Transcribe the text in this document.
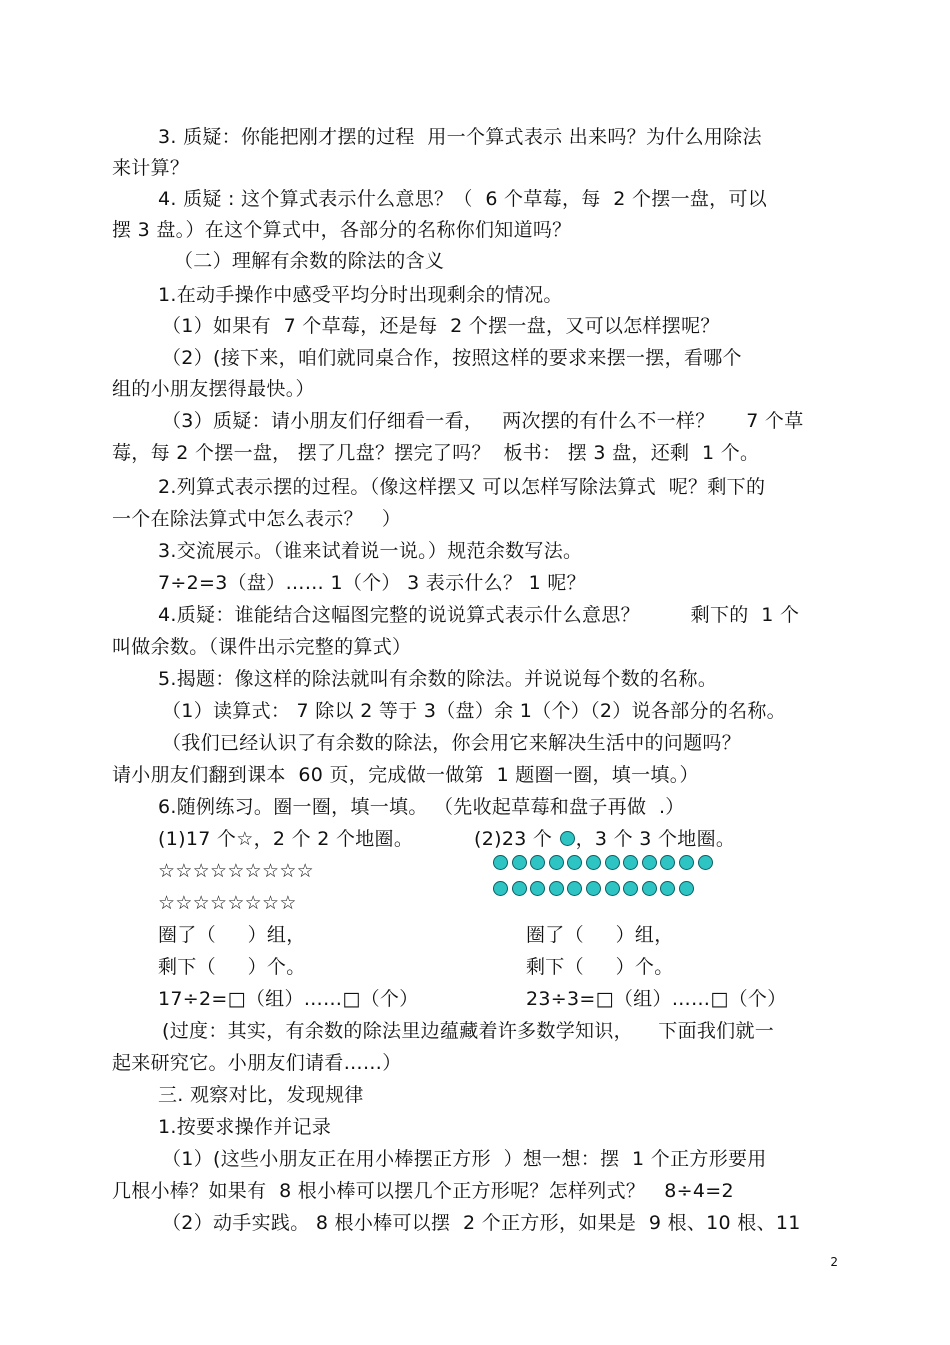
3. 质疑：你能把刚才摆的过程  用一个算式表示 出来吗？为什么用除法
来计算？
4. 质疑 : 这个算式表示什么意思？（  6 个草莓，每  2 个摆一盘，可以
摆 3 盘。）在这个算式中，各部分的名称你们知道吗？
（二）理解有余数的除法的含义
1.在动手操作中感受平均分时出现剩余的情况。
（1）如果有  7 个草莓，还是每  2 个摆一盘，又可以怎样摆呢？
（2）(接下来，咱们就同桌合作，按照这样的要求来摆一摆，看哪个
组的小朋友摆得最快。）
（3）质疑：请小朋友们仔细看一看，   两次摆的有什么不一样？     7 个草
莓，每 2 个摆一盘， 摆了几盘？摆完了吗？  板书： 摆 3 盘，还剩  1 个。
2.列算式表示摆的过程。（像这样摆又 可以怎样写除法算式  呢？剩下的
一个在除法算式中怎么表示？   ）
3.交流展示。（谁来试着说一说。）规范余数写法。
7÷2=3（盘）…… 1（个） 3 表示什么？ 1 呢？
4.质疑：谁能结合这幅图完整的说说算式表示什么意思？        剩下的  1 个
叫做余数。（课件出示完整的算式）
5.揭题：像这样的除法就叫有余数的除法。并说说每个数的名称。
（1）读算式： 7 除以 2 等于 3（盘）余 1（个）（2）说各部分的名称。
（我们已经认识了有余数的除法，你会用它来解决生活中的问题吗？
请小朋友们翻到课本  60 页，完成做一做第  1 题圈一圈，填一填。）
6.随例练习。圈一圈，填一填。 （先收起草莓和盘子再做  .）
(1)17 个☆，2 个 2 个地圈。	(2)23 个 ，3 个 3 个地圈。
☆☆☆☆☆☆☆☆☆
☆☆☆☆☆☆☆☆
圈了（     ）组，	圈了（     ）组，
剩下（     ）个。	剩下（     ）个。
17÷2=□（组）……□（个）	23÷3=□（组）……□（个）
(过度：其实，有余数的除法里边蕴藏着许多数学知识，    下面我们就一
起来研究它。小朋友们请看……）
三. 观察对比，发现规律
1.按要求操作并记录
（1）(这些小朋友正在用小棒摆正方形  ）想一想：摆  1 个正方形要用
几根小棒？如果有  8 根小棒可以摆几个正方形呢？怎样列式？   8÷4=2
（2）动手实践。 8 根小棒可以摆  2 个正方形，如果是  9 根、10 根、11
2
